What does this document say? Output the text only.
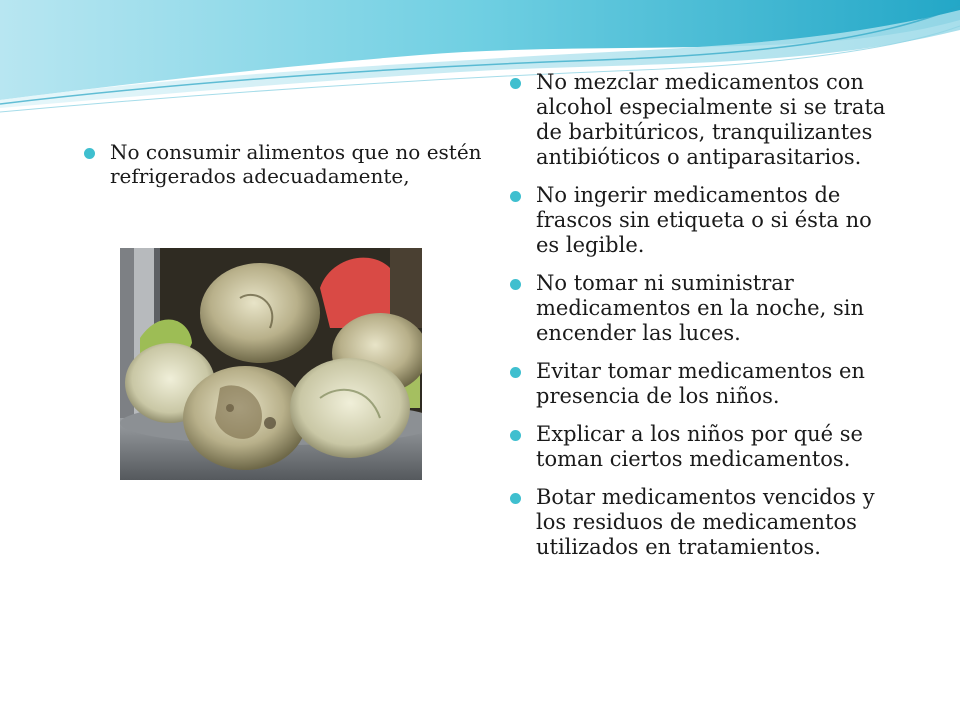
No consumir alimentos que no estén refrigerados adecuadamente,
No mezclar medicamentos con alcohol especialmente si se trata de barbitúricos, tranquilizantes antibióticos o antiparasitarios.
No ingerir medicamentos de frascos sin etiqueta o si ésta no es legible.
No tomar ni suministrar medicamentos en la noche, sin encender las luces.
Evitar tomar medicamentos en presencia de los niños.
Explicar a los niños por qué se toman ciertos medicamentos.
Botar medicamentos vencidos y los residuos de medicamentos utilizados en tratamientos.
